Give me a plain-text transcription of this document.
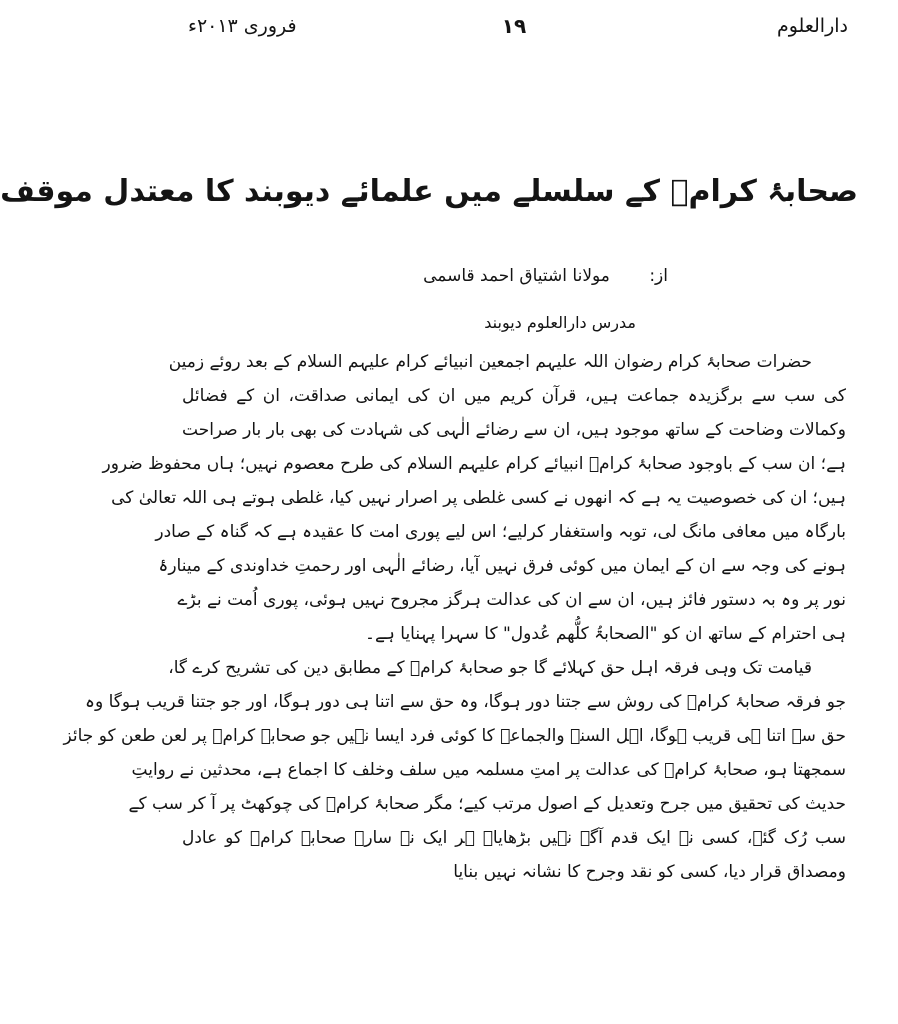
دارالعلوم
۱۹
فروری ۲۰۱۳ء
صحابۂ کرامؓ کے سلسلے میں علمائے دیوبند کا معتدل موقف
از: مولانا اشتیاق احمد قاسمی
مدرس دارالعلوم دیوبند
حضرات صحابۂ کرام رضوان اللہ علیہم اجمعین انبیائے کرام علیہم السلام کے بعد روئے زمین
کی سب سے برگزیدہ جماعت ہیں، قرآن کریم میں ان کی ایمانی صداقت، ان کے فضائل
وکمالات وضاحت کے ساتھ موجود ہیں، ان سے رضائے الٰہی کی شہادت کی بھی بار بار صراحت
ہے؛ ان سب کے باوجود صحابۂ کرامؓ انبیائے کرام علیہم السلام کی طرح معصوم نہیں؛ ہاں محفوظ ضرور
ہیں؛ ان کی خصوصیت یہ ہے کہ انھوں نے کسی غلطی پر اصرار نہیں کیا، غلطی ہوتے ہی اللہ تعالیٰ کی
بارگاہ میں معافی مانگ لی، توبہ واستغفار کرلیے؛ اس لیے پوری امت کا عقیدہ ہے کہ گناہ کے صادر
ہونے کی وجہ سے ان کے ایمان میں کوئی فرق نہیں آیا، رضائے الٰہی اور رحمتِ خداوندی کے مینارۂ
نور پر وہ بہ دستور فائز ہیں، ان سے ان کی عدالت ہرگز مجروح نہیں ہوئی، پوری اُمت نے بڑے
ہی احترام کے ساتھ ان کو "الصحابۃُ کلُّھم عُدول" کا سہرا پہنایا ہے۔
قیامت تک وہی فرقہ اہل حق کہلائے گا جو صحابۂ کرامؓ کے مطابق دین کی تشریح کرے گا،
جو فرقہ صحابۂ کرامؓ کی روش سے جتنا دور ہوگا، وہ حق سے اتنا ہی دور ہوگا، اور جو جتنا قریب ہوگا وہ
حق سے اتنا ہی قریب ہوگا، اہل السنۃ والجماعۃ کا کوئی فرد ایسا نہیں جو صحابۂ کرامؓ پر لعن طعن کو جائز
سمجھتا ہو، صحابۂ کرامؓ کی عدالت پر امتِ مسلمہ میں سلف وخلف کا اجماع ہے، محدثین نے روایتِ
حدیث کی تحقیق میں جرح وتعدیل کے اصول مرتب کیے؛ مگر صحابۂ کرامؓ کی چوکھٹ پر آ کر سب کے
سب رُک گئے، کسی نے ایک قدم آگے نہیں بڑھایا۔ ہر ایک نے سارے صحابۂ کرامؓ کو عادل
ومصداق قرار دیا، کسی کو نقد وجرح کا نشانہ نہیں بنایا
